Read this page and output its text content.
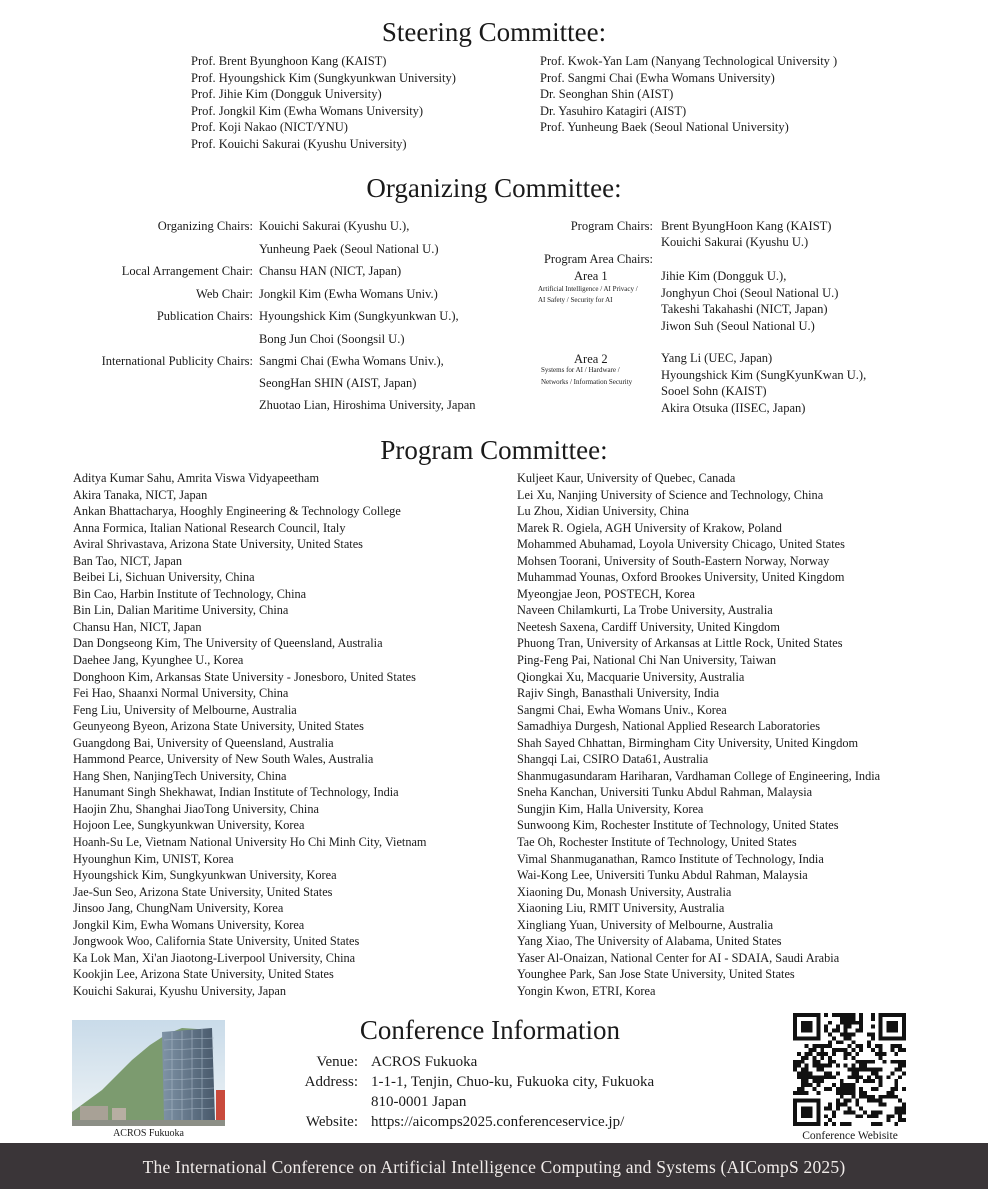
Steering Committee:
Prof. Brent Byunghoon Kang (KAIST)
Prof. Hyoungshick Kim (Sungkyunkwan University)
Prof. Jihie Kim (Dongguk University)
Prof. Jongkil Kim (Ewha Womans University)
Prof. Koji Nakao (NICT/YNU)
Prof. Kouichi Sakurai (Kyushu University)
Prof. Kwok-Yan Lam (Nanyang Technological University )
Prof. Sangmi Chai (Ewha Womans University)
Dr. Seonghan Shin (AIST)
Dr. Yasuhiro Katagiri (AIST)
Prof. Yunheung Baek (Seoul National University)
Organizing Committee:
Organizing Chairs: Kouichi Sakurai (Kyushu U.),
Yunheung Paek (Seoul National U.)
Local Arrangement Chair: Chansu HAN (NICT, Japan)
Web Chair: Jongkil Kim (Ewha Womans Univ.)
Publication Chairs: Hyoungshick Kim (Sungkyunkwan U.),
Bong Jun Choi (Soongsil U.)
International Publicity Chairs: Sangmi Chai (Ewha Womans Univ.),
SeongHan SHIN (AIST, Japan)
Zhuotao Lian, Hiroshima University, Japan
Program Chairs: Brent ByungHoon Kang (KAIST)
Kouichi Sakurai (Kyushu U.)
Program Area Chairs:
Area 1
Artificial Intelligence / AI Privacy /
AI Safety / Security for AI
Jihie Kim (Dongguk U.),
Jonghyun Choi (Seoul National U.)
Takeshi Takahashi (NICT, Japan)
Jiwon Suh (Seoul National U.)
Area 2
Systems for AI / Hardware /
Networks / Information Security
Yang Li (UEC, Japan)
Hyoungshick Kim (SungKyunKwan U.),
Sooel Sohn (KAIST)
Akira Otsuka (IISEC, Japan)
Program Committee:
Aditya Kumar Sahu, Amrita Viswa Vidyapeetham
Akira Tanaka, NICT, Japan
Ankan Bhattacharya, Hooghly Engineering & Technology College
Anna Formica, Italian National Research Council, Italy
Aviral Shrivastava, Arizona State University, United States
Ban Tao, NICT, Japan
Beibei Li, Sichuan University, China
Bin Cao, Harbin Institute of Technology, China
Bin Lin, Dalian Maritime University, China
Chansu Han, NICT, Japan
Dan Dongseong Kim, The University of Queensland, Australia
Daehee Jang, Kyunghee U., Korea
Donghoon Kim, Arkansas State University - Jonesboro, United States
Fei Hao, Shaanxi Normal University, China
Feng Liu, University of Melbourne, Australia
Geunyeong Byeon, Arizona State University, United States
Guangdong Bai, University of Queensland, Australia
Hammond Pearce, University of New South Wales, Australia
Hang Shen, NanjingTech University, China
Hanumant Singh Shekhawat, Indian Institute of Technology, India
Haojin Zhu, Shanghai JiaoTong University, China
Hojoon Lee, Sungkyunkwan University, Korea
Hoanh-Su Le, Vietnam National University Ho Chi Minh City, Vietnam
Hyounghun Kim, UNIST, Korea
Hyoungshick Kim, Sungkyunkwan University, Korea
Jae-Sun Seo, Arizona State University, United States
Jinsoo Jang, ChungNam University, Korea
Jongkil Kim, Ewha Womans University, Korea
Jongwook Woo, California State University, United States
Ka Lok Man, Xi'an Jiaotong-Liverpool University, China
Kookjin Lee, Arizona State University, United States
Kouichi Sakurai, Kyushu University, Japan
Kuljeet Kaur, University of Quebec, Canada
Lei Xu, Nanjing University of Science and Technology, China
Lu Zhou, Xidian University, China
Marek R. Ogiela, AGH University of Krakow, Poland
Mohammed Abuhamad, Loyola University Chicago, United States
Mohsen Toorani, University of South-Eastern Norway, Norway
Muhammad Younas, Oxford Brookes University, United Kingdom
Myeongjae Jeon, POSTECH, Korea
Naveen Chilamkurti, La Trobe University, Australia
Neetesh Saxena, Cardiff University, United Kingdom
Phuong Tran, University of Arkansas at Little Rock, United States
Ping-Feng Pai, National Chi Nan University, Taiwan
Qiongkai Xu, Macquarie University, Australia
Rajiv Singh, Banasthali University, India
Sangmi Chai, Ewha Womans Univ., Korea
Samadhiya Durgesh, National Applied Research Laboratories
Shah Sayed Chhattan, Birmingham City University, United Kingdom
Shangqi Lai, CSIRO Data61, Australia
Shanmugasundaram Hariharan, Vardhaman College of Engineering, India
Sneha Kanchan, Universiti Tunku Abdul Rahman, Malaysia
Sungjin Kim, Halla University, Korea
Sunwoong Kim, Rochester Institute of Technology, United States
Tae Oh, Rochester Institute of Technology, United States
Vimal Shanmuganathan, Ramco Institute of Technology, India
Wai-Kong Lee, Universiti Tunku Abdul Rahman, Malaysia
Xiaoning Du, Monash University, Australia
Xiaoning Liu, RMIT University, Australia
Xingliang Yuan, University of Melbourne, Australia
Yang Xiao, The University of Alabama, United States
Yaser Al-Onaizan, National Center for AI - SDAIA, Saudi Arabia
Younghee Park, San Jose State University, United States
Yongin Kwon, ETRI, Korea
ACROS Fukuoka
Conference Information
Venue: ACROS Fukuoka
Address: 1-1-1, Tenjin, Chuo-ku, Fukuoka city, Fukuoka
810-0001 Japan
Website: https://aicomps2025.conferenceservice.jp/
Conference Webisite
The International Conference on Artificial Intelligence Computing and Systems (AICompS 2025)
